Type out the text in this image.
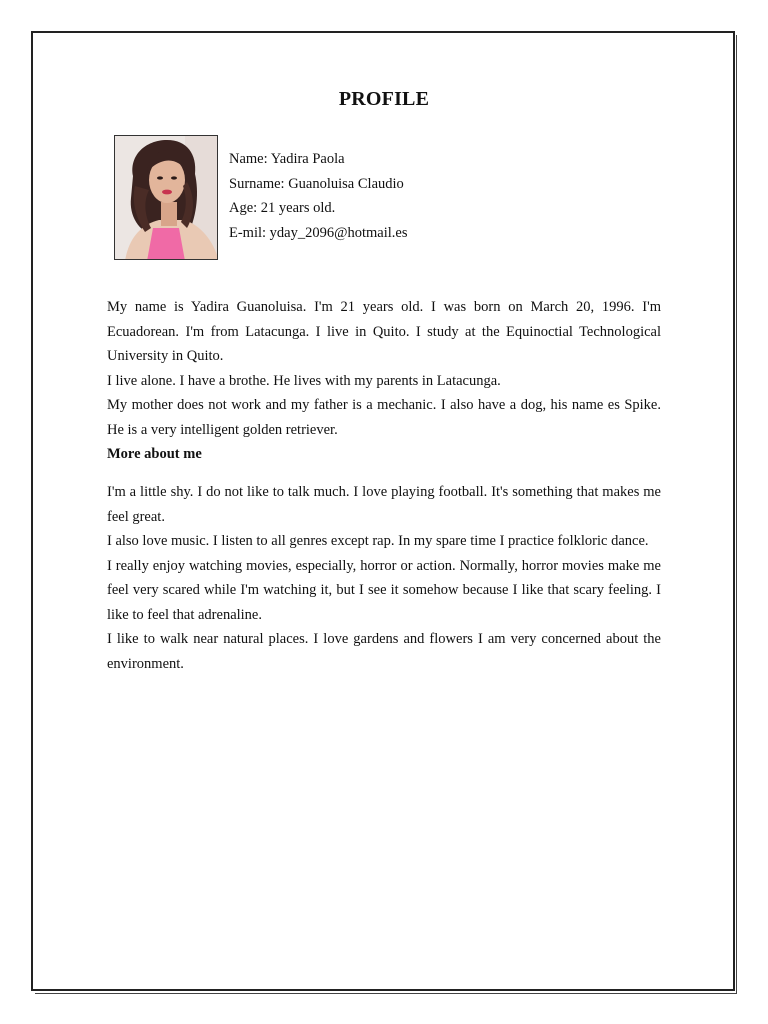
PROFILE
Name: Yadira Paola
Surname: Guanoluisa Claudio
Age: 21 years old.
E-mil: yday_2096@hotmail.es

My name is Yadira Guanoluisa. I'm 21 years old. I was born on March 20, 1996. I'm Ecuadorean. I'm from Latacunga. I live in Quito. I study at the Equinoctial Technological University in Quito.

I live alone. I have a brothe. He lives with my parents in Latacunga.

My mother does not work and my father is a mechanic. I also have a dog, his name es Spike. He is a very intelligent golden retriever.

More about me

I'm a little shy. I do not like to talk much. I love playing football. It's something that makes me feel great.

I also love music. I listen to all genres except rap. In my spare time I practice folkloric dance.

I really enjoy watching movies, especially, horror or action. Normally, horror movies make me feel very scared while I'm watching it, but I see it somehow because I like that scary feeling. I like to feel that adrenaline.

I like to walk near natural places. I love gardens and flowers I am very concerned about the environment.
